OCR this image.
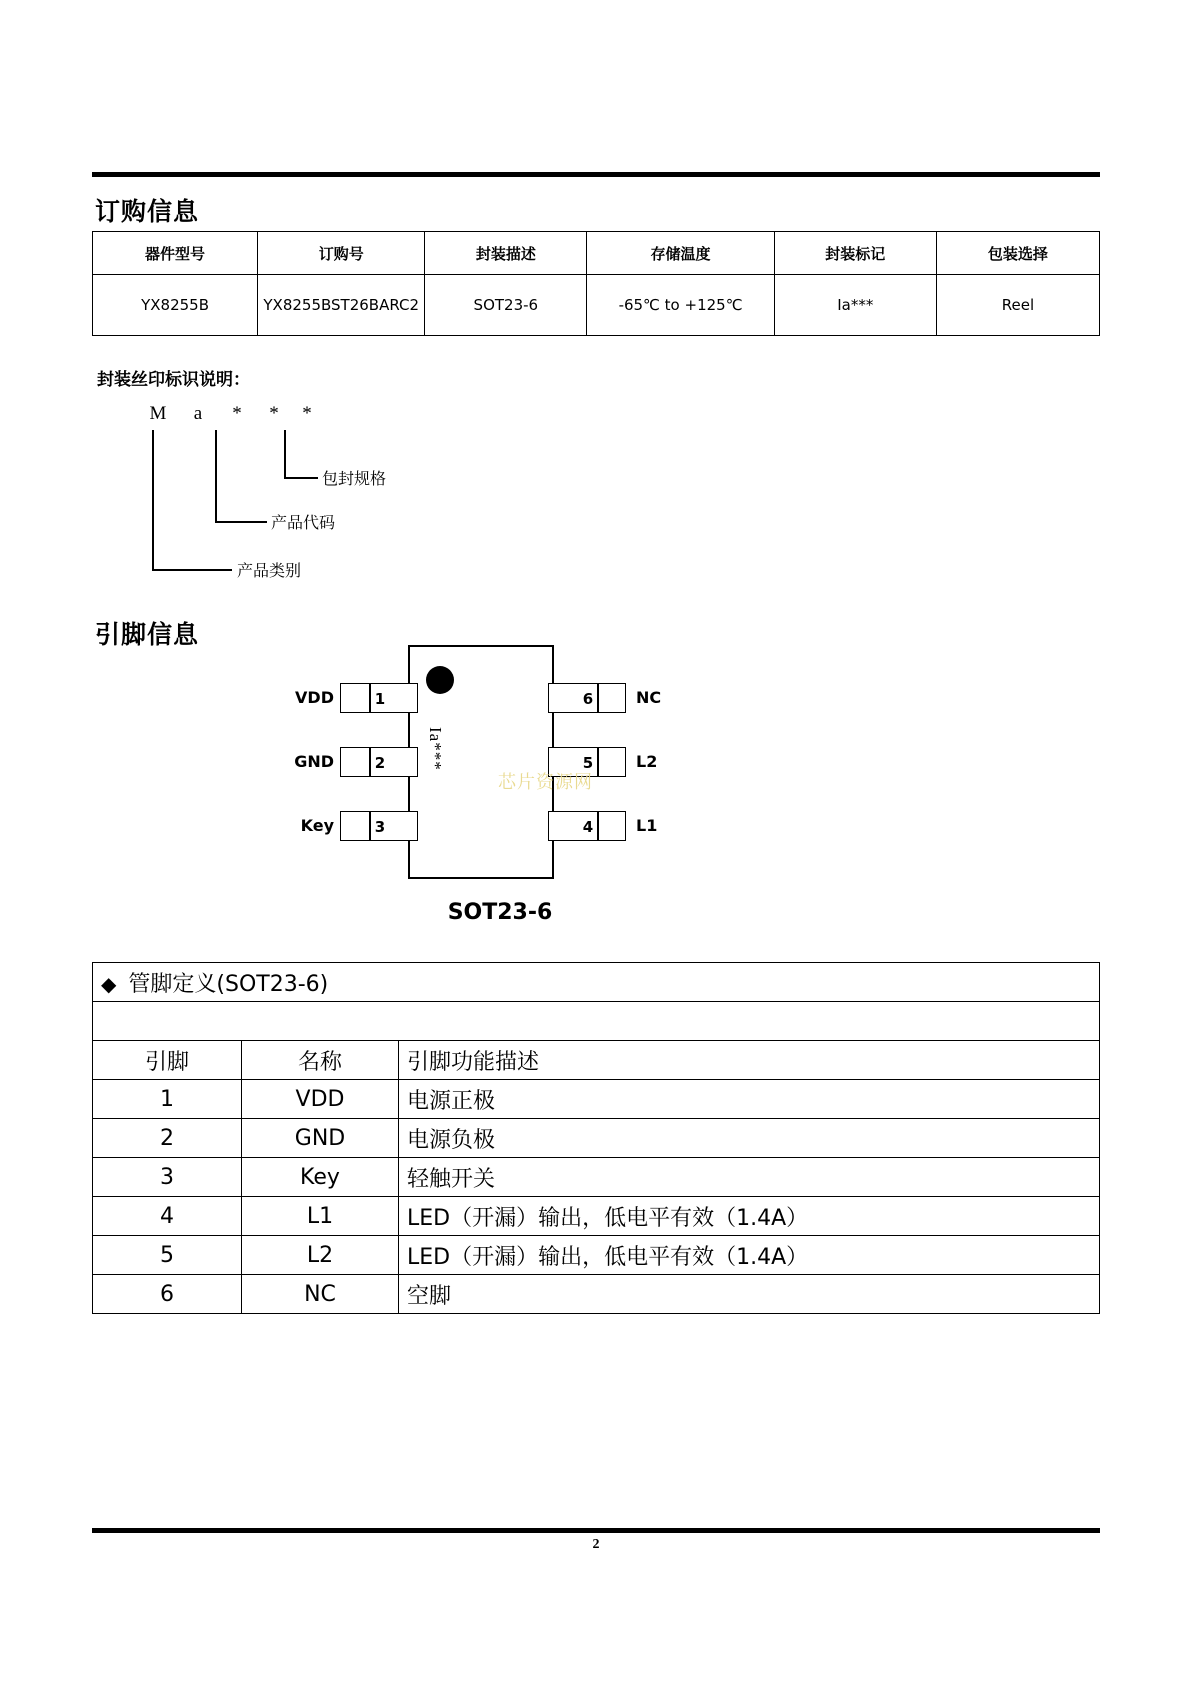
订购信息
器件型号	订购号	封装描述	存储温度	封装标记	包装选择
YX8255B	YX8255BST26BARC2	SOT23-6	-65℃ to +125℃	Ia***	Reel
封装丝印标识说明：
M a * * *
包封规格
产品代码
产品类别
引脚信息
Ia***
1
VDD
2
GND
3
Key
6	NC
5	L2
4	L1
芯片资源网
SOT23-6
◆ 管脚定义(SOT23-6)		

引脚	名称	引脚功能描述
1	VDD	电源正极
2	GND	电源负极
3	Key	轻触开关
4	L1	LED（开漏）输出，低电平有效（1.4A）
5	L2	LED（开漏）输出，低电平有效（1.4A）
6	NC	空脚
2
